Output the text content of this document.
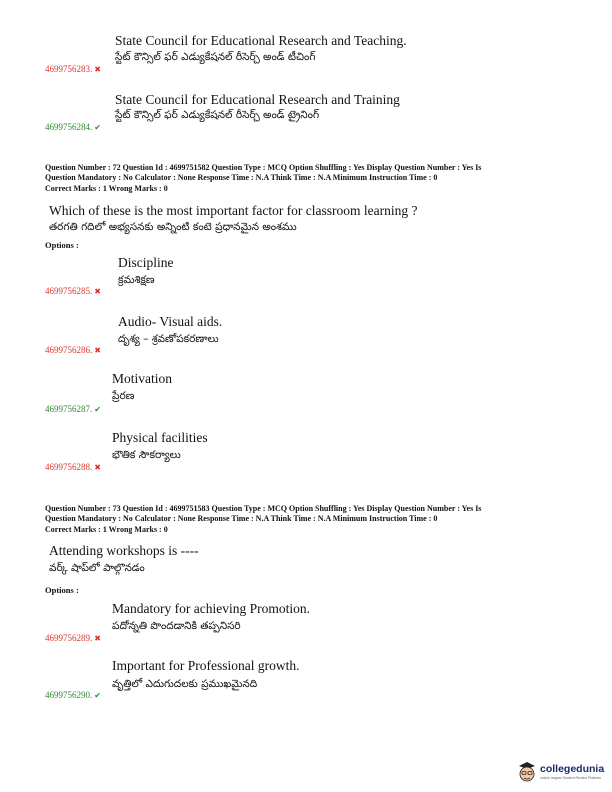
State Council for Educational Research and Teaching.
స్టేట్ కౌన్సిల్ ఫర్ ఎడ్యుకేషనల్ రీసెర్చ్ అండ్ టీచింగ్
4699756283. ✖
State Council for Educational Research and Training
స్టేట్ కౌన్సిల్ ఫర్ ఎడ్యుకేషనల్ రీసెర్చ్ అండ్ ట్రైనింగ్
4699756284. ✔
Question Number : 72 Question Id : 4699751582 Question Type : MCQ Option Shuffling : Yes Display Question Number : Yes Is
Question Mandatory : No Calculator : None Response Time : N.A Think Time : N.A Minimum Instruction Time : 0
Correct Marks : 1 Wrong Marks : 0
Which of these is the most important factor for classroom learning ?
తరగతి గదిలో అభ్యసనకు అన్నింటి కంటె ప్రధానమైన అంశము
Options :
Discipline
క్రమశిక్షణ
4699756285. ✖
Audio- Visual aids.
దృశ్య – శ్రవణోపకరణాలు
4699756286. ✖
Motivation
ప్రేరణ
4699756287. ✔
Physical facilities
భౌతిక సౌకర్యాలు
4699756288. ✖
Question Number : 73 Question Id : 4699751583 Question Type : MCQ Option Shuffling : Yes Display Question Number : Yes Is
Question Mandatory : No Calculator : None Response Time : N.A Think Time : N.A Minimum Instruction Time : 0
Correct Marks : 1 Wrong Marks : 0
Attending workshops is ----
వర్క్ షాప్‌లో పాల్గొనడం
Options :
Mandatory for achieving Promotion.
పదోన్నతి పొందడానికి తప్పనిసరి
4699756289. ✖
Important for Professional growth.
వృత్తిలో ఎదుగుదలకు ప్రముఖమైనది
4699756290. ✔
collegedunia
India's largest Student Review Platform
